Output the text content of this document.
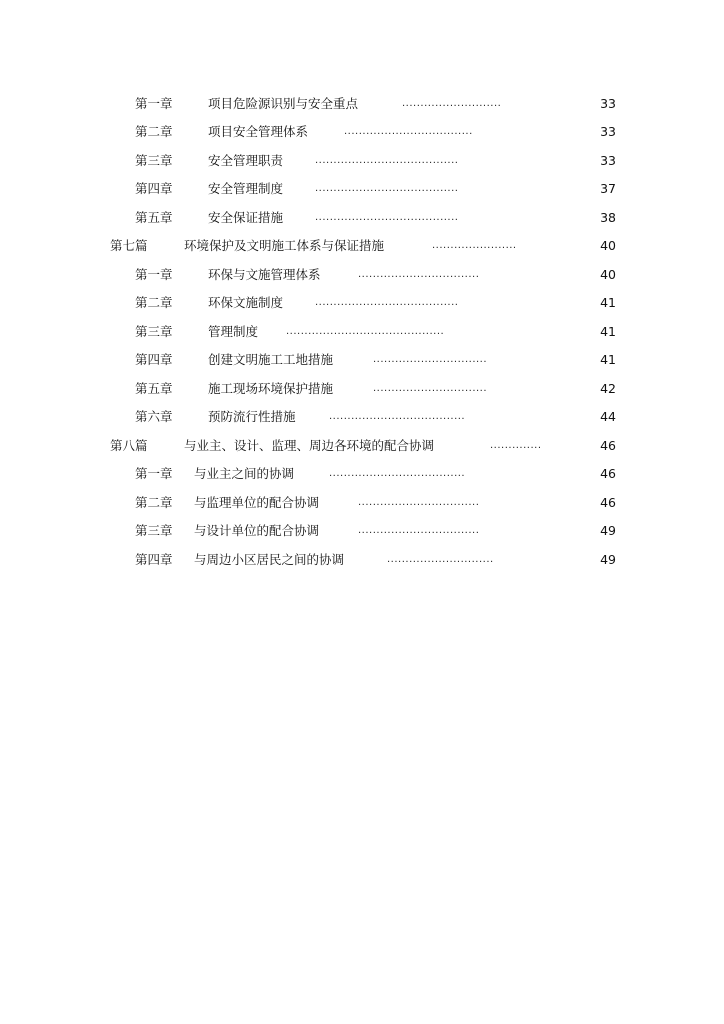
第一章	项目危险源识别与安全重点	...........................	33
第二章	项目安全管理体系	...................................	33
第三章	安全管理职责	.......................................	33
第四章	安全管理制度	.......................................	37
第五章	安全保证措施	.......................................	38
第七篇	环境保护及文明施工体系与保证措施	.......................	40
第一章	环保与文施管理体系	.................................	40
第二章	环保文施制度	.......................................	41
第三章	管理制度	...........................................	41
第四章	创建文明施工工地措施	...............................	41
第五章	施工现场环境保护措施	...............................	42
第六章	预防流行性措施	.....................................	44
第八篇	与业主、设计、监理、周边各环境的配合协调	..............	46
第一章 与业主之间的协调	.....................................	46
第二章 与监理单位的配合协调	.................................	46
第三章 与设计单位的配合协调	.................................	49
第四章 与周边小区居民之间的协调	.............................	49
